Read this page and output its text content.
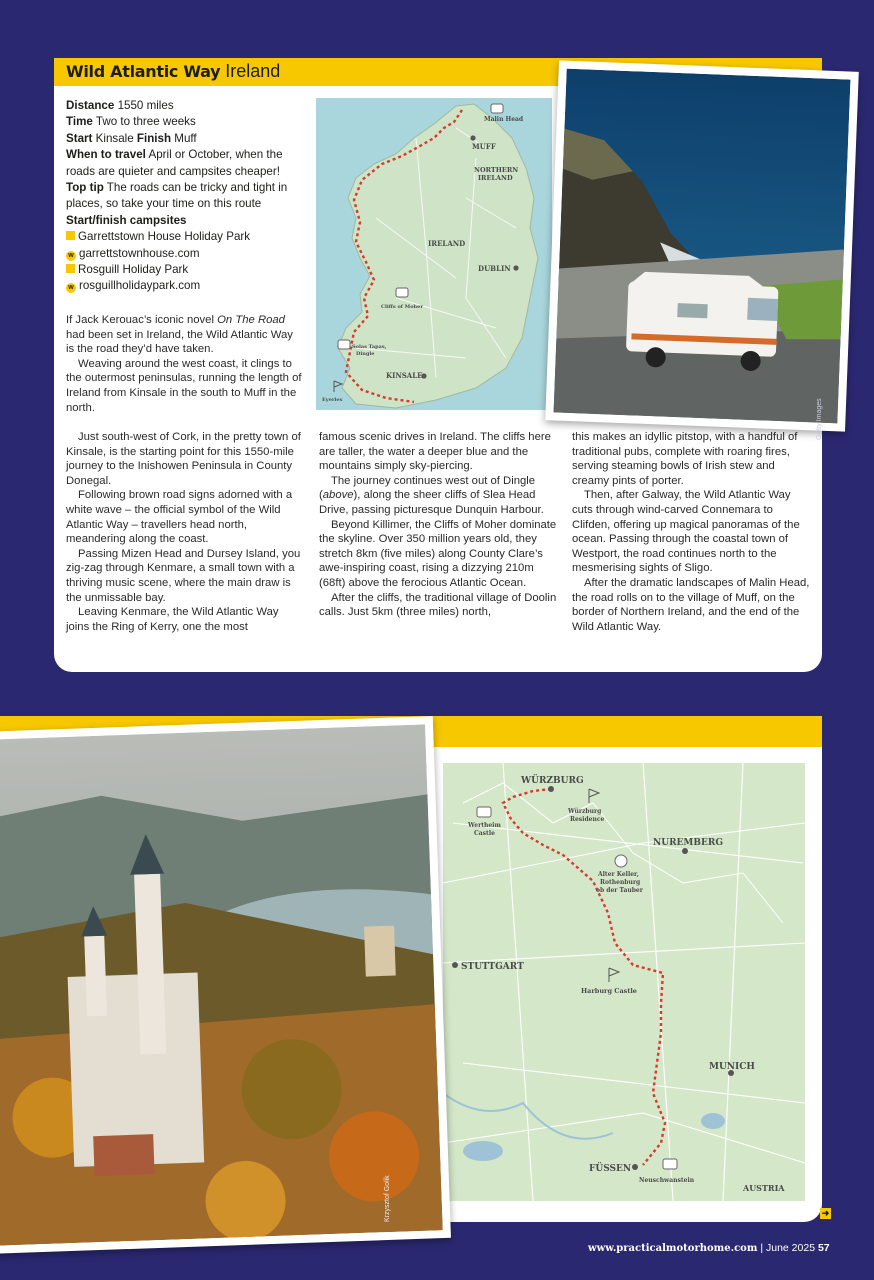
Wild Atlantic Way Ireland
Distance 1550 miles
Time Two to three weeks
Start Kinsale Finish Muff
When to travel April or October, when the roads are quieter and campsites cheaper!
Top tip The roads can be tricky and tight in places, so take your time on this route
Start/finish campsites
Garrettstown House Holiday Park
w garrettstownhouse.com
Rosguill Holiday Park
w rosguillholidaypark.com

If Jack Kerouac’s iconic novel On The Road had been set in Ireland, the Wild Atlantic Way is the road they’d have taken.

Weaving around the west coast, it clings to the outermost peninsulas, running the length of Ireland from Kinsale in the south to Muff in the north.

Just south-west of Cork, in the pretty town of Kinsale, is the starting point for this 1550-mile journey to the Inishowen Peninsula in County Donegal.

Following brown road signs adorned with a white wave – the official symbol of the Wild Atlantic Way – travellers head north, meandering along the coast.

Passing Mizen Head and Dursey Island, you zig-zag through Kenmare, a small town with a thriving music scene, where the main draw is the unmissable bay.

Leaving Kenmare, the Wild Atlantic Way joins the Ring of Kerry, one the most

famous scenic drives in Ireland. The cliffs here are taller, the water a deeper blue and the mountains simply sky-piercing.

The journey continues west out of Dingle (above), along the sheer cliffs of Slea Head Drive, passing picturesque Dunquin Harbour.

Beyond Killimer, the Cliffs of Moher dominate the skyline. Over 350 million years old, they stretch 8km (five miles) along County Clare’s awe-inspiring coast, rising a dizzying 210m (68ft) above the ferocious Atlantic Ocean.

After the cliffs, the traditional village of Doolin calls. Just 5km (three miles) north,

this makes an idyllic pitstop, with a handful of traditional pubs, complete with roaring fires, serving steaming bowls of Irish stew and creamy pints of porter.

Then, after Galway, the Wild Atlantic Way cuts through wind-carved Connemara to Clifden, offering up magical panoramas of the ocean. Passing through the coastal town of Westport, the road continues north to the mesmerising sights of Sligo.

After the dramatic landscapes of Malin Head, the road rolls on to the village of Muff, on the border of Northern Ireland, and the end of the Wild Atlantic Way.

Malin Head
MUFF
NORTHERN
IRELAND
IRELAND
DUBLIN
Cliffs of Moher
Solas Tapas,
Dingle
KINSALE
Eyeries	Getty Images
WÜRZBURG
Würzburg
Residence
Wertheim
Castle
NUREMBERG
Alter Keller,
Rothenburg
ob der Tauber
STUTTGART
Harburg Castle
MUNICH
FÜSSEN
Neuschwanstein
AUSTRIA
Krzysztof Golik	➜
www.practicalmotorhome.com | June 2025 57
